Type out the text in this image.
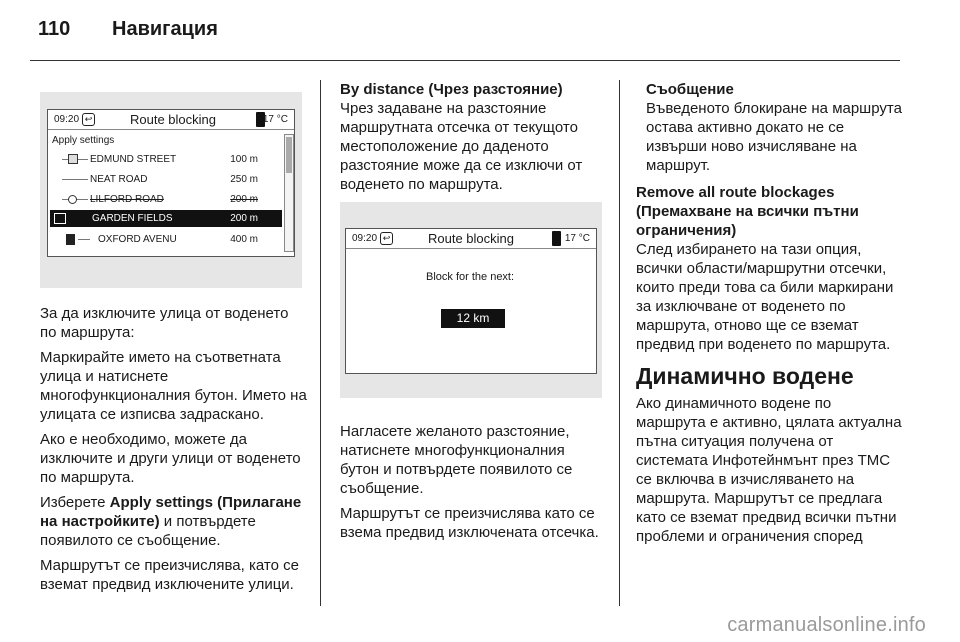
110 Навигация
09:20 ↩	Route blocking	17 °C
Apply settings
EDMUND STREET	100 m
NEAT ROAD	250 m
LILFORD ROAD	200 m
GARDEN FIELDS	200 m
OXFORD AVENU	400 m

За да изключите улица от воденето по маршрута:

Маркирайте името на съответната улица и натиснете многофункционалния бутон. Името на улицата се изписва задраскано.

Ако е необходимо, можете да изключите и други улици от воденето по маршрута.

Изберете Apply settings (Прилагане на настройките) и потвърдете появилото се съобщение.

Маршрутът се преизчислява, като се вземат предвид изключените улици.

By distance (Чрез разстояние)
Чрез задаване на разстояние маршрутната отсечка от текущото местоположение до даденото разстояние може да се изключи от воденето по маршрута.

09:20 ↩	Route blocking	17 °C
Block for the next:
12 km

Нагласете желаното разстояние, натиснете многофункционалния бутон и потвърдете появилото се съобщение.

Маршрутът се преизчислява като се взема предвид изключената отсечка.

Съобщение
Въведеното блокиране на маршрута остава активно докато не се извърши ново изчисляване на маршрут.

Remove all route blockages (Премахване на всички пътни ограничения)
След избирането на тази опция, всички области/маршрутни отсечки, които преди това са били маркирани за изключване от воденето по маршрута, отново ще се вземат предвид при воденето по маршрута.

Динамично водене

Ако динамичното водене по маршрута е активно, цялата актуална пътна ситуация получена от системата Инфотейнмънт през TMC се включва в изчисляването на маршрута. Маршрутът се предлага като се вземат предвид всички пътни проблеми и ограничения според

carmanualsonline.info
